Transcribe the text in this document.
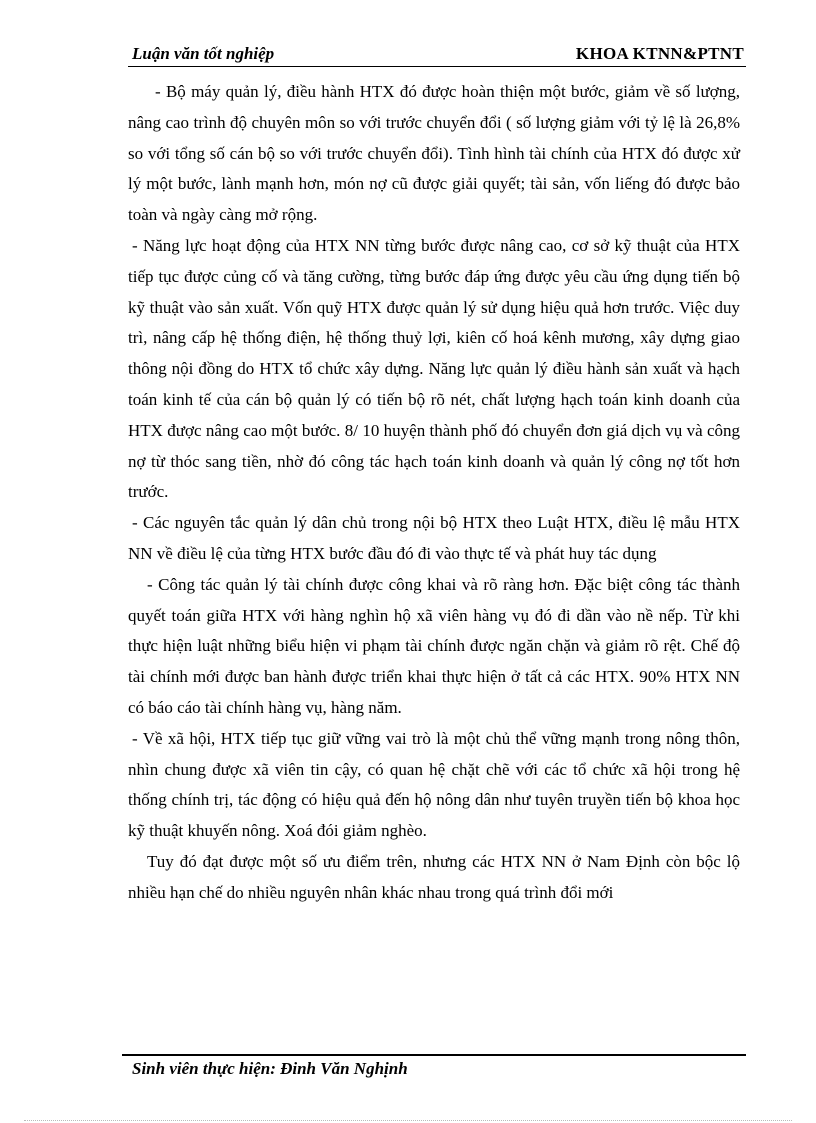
Luận văn tốt nghiệp	KHOA KTNN&PTNT

- Bộ máy quản lý, điều hành HTX đó được hoàn thiện một bước, giảm về số lượng, nâng cao trình độ chuyên môn so với trước chuyển đổi ( số lượng giảm với tỷ lệ là 26,8% so với tổng số cán bộ so với trước chuyển đổi). Tình hình tài chính của HTX đó được xử lý một bước, lành mạnh hơn, món nợ cũ được giải quyết; tài sản, vốn liếng đó được bảo toàn và ngày càng mở rộng.

- Năng lực hoạt động của HTX NN từng bước được nâng cao, cơ sở kỹ thuật của HTX tiếp tục được củng cố và tăng cường, từng bước đáp ứng được yêu cầu ứng dụng tiến bộ kỹ thuật vào sản xuất. Vốn quỹ HTX được quản lý sử dụng hiệu quả hơn trước. Việc duy trì, nâng cấp hệ thống điện, hệ thống thuỷ lợi, kiên cố hoá kênh mương, xây dựng giao thông nội đồng do HTX tổ chức xây dựng. Năng lực quản lý điều hành sản xuất và hạch toán kinh tế của cán bộ quản lý có tiến bộ rõ nét, chất lượng hạch toán kinh doanh của HTX được nâng cao một bước. 8/ 10 huyện thành phố đó chuyển đơn giá dịch vụ và công nợ từ thóc sang tiền, nhờ đó công tác hạch toán kinh doanh và quản lý công nợ tốt hơn trước.

- Các nguyên tắc quản lý dân chủ trong nội bộ HTX theo Luật HTX, điều lệ mẫu HTX NN về điều lệ của từng HTX bước đầu đó đi vào thực tế và phát huy tác dụng

- Công tác quản lý tài chính được công khai và rõ ràng hơn. Đặc biệt công tác thành quyết toán giữa HTX với hàng nghìn hộ xã viên hàng vụ đó đi dần vào nề nếp. Từ khi thực hiện luật những biểu hiện vi phạm tài chính được ngăn chặn và giảm rõ rệt. Chế độ tài chính mới được ban hành được triển khai thực hiện ở tất cả các HTX. 90% HTX NN có báo cáo tài chính hàng vụ, hàng năm.

- Về xã hội, HTX tiếp tục giữ vững vai trò là một chủ thể vững mạnh trong nông thôn, nhìn chung được xã viên tin cậy, có quan hệ chặt chẽ với các tổ chức xã hội trong hệ thống chính trị, tác động có hiệu quả đến hộ nông dân như tuyên truyền tiến bộ khoa học kỹ thuật khuyến nông. Xoá đói giảm nghèo.

Tuy đó đạt được một số ưu điểm trên, nhưng các HTX NN ở Nam Định còn bộc lộ nhiều hạn chế do nhiều nguyên nhân khác nhau trong quá trình đổi mới

Sinh viên thực hiện: Đinh Văn Nghịnh
